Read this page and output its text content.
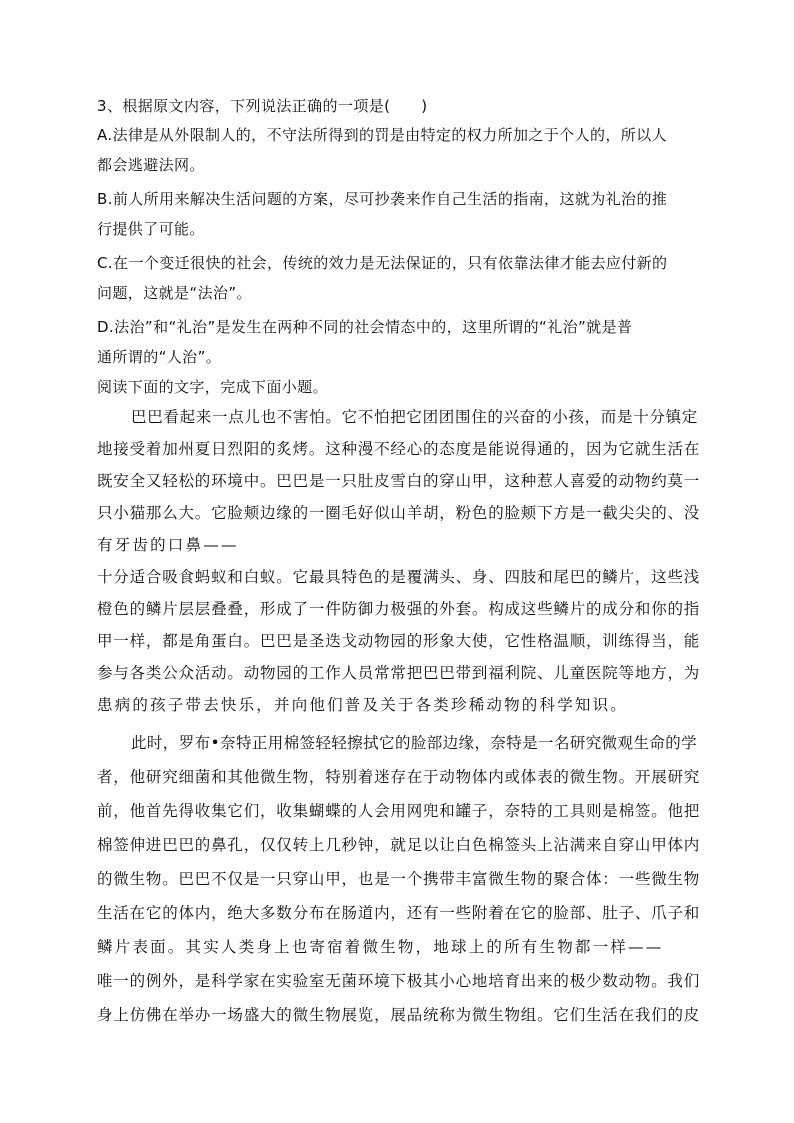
3、根据原文内容，下列说法正确的一项是(　　)
A.法律是从外限制人的，不守法所得到的罚是由特定的权力所加之于个人的，所以人
都会逃避法网。
B.前人所用来解决生活问题的方案，尽可抄袭来作自己生活的指南，这就为礼治的推
行提供了可能。
C.在一个变迁很快的社会，传统的效力是无法保证的，只有依靠法律才能去应付新的
问题，这就是“法治”。
D.法治”和“礼治”是发生在两种不同的社会情态中的，这里所谓的“礼治”就是普
通所谓的“人治”。
阅读下面的文字，完成下面小题。
巴巴看起来一点儿也不害怕。它不怕把它团团围住的兴奋的小孩，而是十分镇定
地接受着加州夏日烈阳的炙烤。这种漫不经心的态度是能说得通的，因为它就生活在
既安全又轻松的环境中。巴巴是一只肚皮雪白的穿山甲，这种惹人喜爱的动物约莫一
只小猫那么大。它脸颊边缘的一圈毛好似山羊胡，粉色的脸颊下方是一截尖尖的、没
有牙齿的口鼻——
十分适合吸食蚂蚁和白蚁。它最具特色的是覆满头、身、四肢和尾巴的鳞片，这些浅
橙色的鳞片层层叠叠，形成了一件防御力极强的外套。构成这些鳞片的成分和你的指
甲一样，都是角蛋白。巴巴是圣迭戈动物园的形象大使，它性格温顺，训练得当，能
参与各类公众活动。动物园的工作人员常常把巴巴带到福利院、儿童医院等地方，为
患病的孩子带去快乐，并向他们普及关于各类珍稀动物的科学知识。
此时，罗布•奈特正用棉签轻轻擦拭它的脸部边缘，奈特是一名研究微观生命的学
者，他研究细菌和其他微生物，特别着迷存在于动物体内或体表的微生物。开展研究
前，他首先得收集它们，收集蝴蝶的人会用网兜和罐子，奈特的工具则是棉签。他把
棉签伸进巴巴的鼻孔，仅仅转上几秒钟，就足以让白色棉签头上沾满来自穿山甲体内
的微生物。巴巴不仅是一只穿山甲，也是一个携带丰富微生物的聚合体：一些微生物
生活在它的体内，绝大多数分布在肠道内，还有一些附着在它的脸部、肚子、爪子和
鳞片表面。其实人类身上也寄宿着微生物，地球上的所有生物都一样——
唯一的例外，是科学家在实验室无菌环境下极其小心地培育出来的极少数动物。我们
身上仿佛在举办一场盛大的微生物展览，展品统称为微生物组。它们生活在我们的皮
